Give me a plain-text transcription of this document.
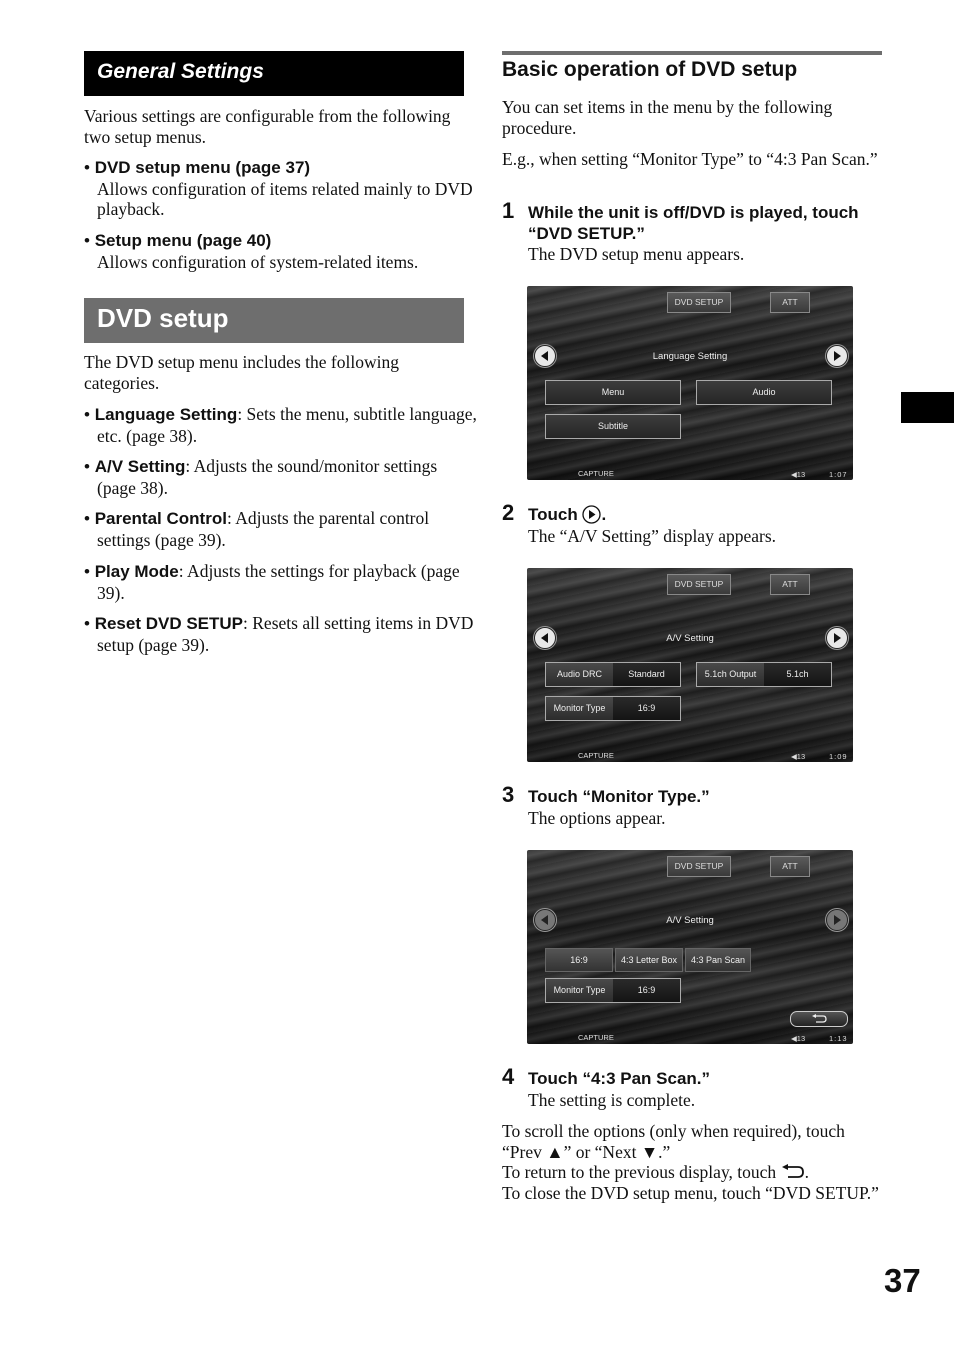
General Settings
Various settings are configurable from the following two setup menus.
• DVD setup menu (page 37)
Allows configuration of items related mainly to DVD playback.
• Setup menu (page 40)
Allows configuration of system-related items.
DVD setup
The DVD setup menu includes the following categories.
• Language Setting: Sets the menu, subtitle language, etc. (page 38).
• A/V Setting: Adjusts the sound/monitor settings (page 38).
• Parental Control: Adjusts the parental control settings (page 39).
• Play Mode: Adjusts the settings for playback (page 39).
• Reset DVD SETUP: Resets all setting items in DVD setup (page 39).
Basic operation of DVD setup
You can set items in the menu by the following procedure.
E.g., when setting “Monitor Type” to “4:3 Pan Scan.”
1 While the unit is off/DVD is played, touch “DVD SETUP.”
The DVD setup menu appears.
DVD SETUP	ATT
Language Setting
Menu	Audio
Subtitle
CAPTURE	◀13	1:07
2 Touch .
The “A/V Setting” display appears.
DVD SETUP	ATT
A/V Setting
Audio DRC	Standard	5.1ch Output	5.1ch
Monitor Type	16:9
CAPTURE	◀13	1:09
3 Touch “Monitor Type.”
The options appear.
DVD SETUP	ATT
A/V Setting
16:9	4:3 Letter Box	4:3 Pan Scan
Monitor Type	16:9
CAPTURE	◀13	1:13
4 Touch “4:3 Pan Scan.”
The setting is complete.
To scroll the options (only when required), touch “Prev ▲” or “Next ▼.”
To return to the previous display, touch .
To close the DVD setup menu, touch “DVD SETUP.”
37
